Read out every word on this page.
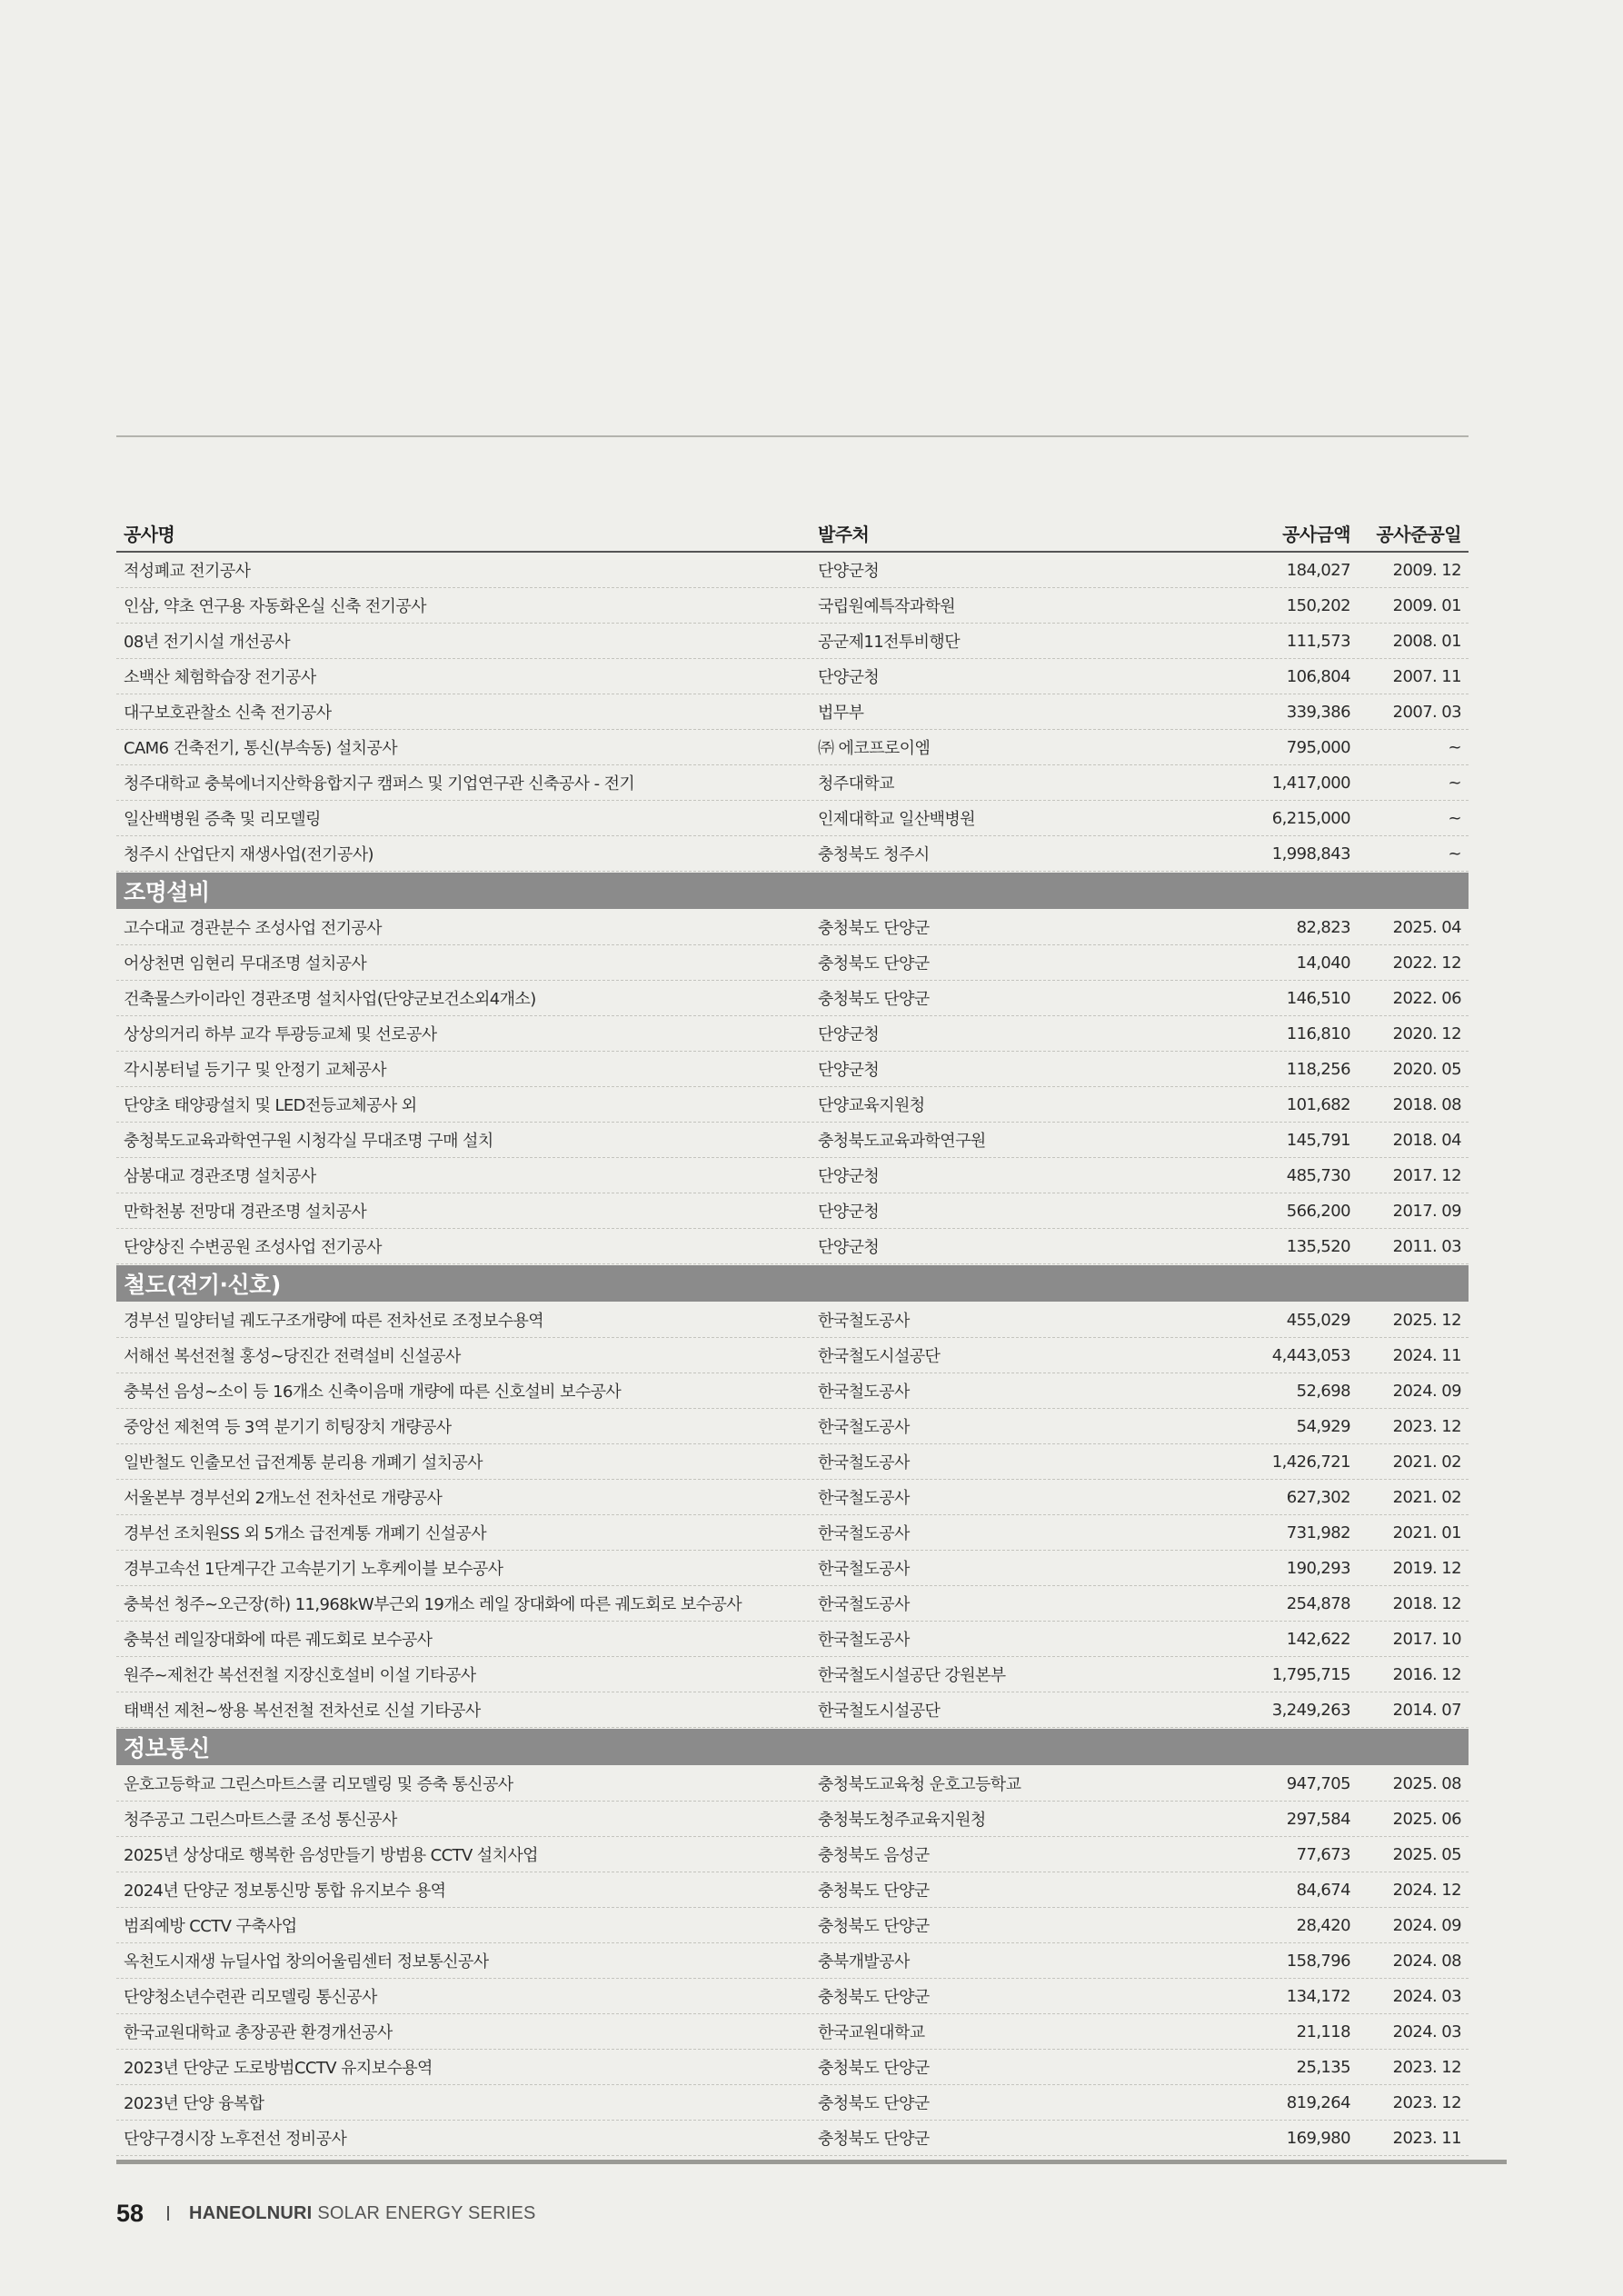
공사명	발주처	공사금액	공사준공일
적성폐교 전기공사	단양군청	184,027	2009. 12
인삼, 약초 연구용 자동화온실 신축 전기공사	국립원예특작과학원	150,202	2009. 01
08년 전기시설 개선공사	공군제11전투비행단	111,573	2008. 01
소백산 체험학습장 전기공사	단양군청	106,804	2007. 11
대구보호관찰소 신축 전기공사	법무부	339,386	2007. 03
CAM6 건축전기, 통신(부속동) 설치공사	㈜ 에코프로이엠	795,000	~
청주대학교 충북에너지산학융합지구 캠퍼스 및 기업연구관 신축공사 - 전기	청주대학교	1,417,000	~
일산백병원 증축 및 리모델링	인제대학교 일산백병원	6,215,000	~
청주시 산업단지 재생사업(전기공사)	충청북도 청주시	1,998,843	~
조명설비
고수대교 경관분수 조성사업 전기공사	충청북도 단양군	82,823	2025. 04
어상천면 임현리 무대조명 설치공사	충청북도 단양군	14,040	2022. 12
건축물스카이라인 경관조명 설치사업(단양군보건소외4개소)	충청북도 단양군	146,510	2022. 06
상상의거리 하부 교각 투광등교체 및 선로공사	단양군청	116,810	2020. 12
각시봉터널 등기구 및 안정기 교체공사	단양군청	118,256	2020. 05
단양초 태양광설치 및 LED전등교체공사 외	단양교육지원청	101,682	2018. 08
충청북도교육과학연구원 시청각실 무대조명 구매 설치	충청북도교육과학연구원	145,791	2018. 04
삼봉대교 경관조명 설치공사	단양군청	485,730	2017. 12
만학천봉 전망대 경관조명 설치공사	단양군청	566,200	2017. 09
단양상진 수변공원 조성사업 전기공사	단양군청	135,520	2011. 03
철도(전기·신호)
경부선 밀양터널 궤도구조개량에 따른 전차선로 조정보수용역	한국철도공사	455,029	2025. 12
서해선 복선전철 홍성~당진간 전력설비 신설공사	한국철도시설공단	4,443,053	2024. 11
충북선 음성~소이 등 16개소 신축이음매 개량에 따른 신호설비 보수공사	한국철도공사	52,698	2024. 09
중앙선 제천역 등 3역 분기기 히팅장치 개량공사	한국철도공사	54,929	2023. 12
일반철도 인출모선 급전계통 분리용 개폐기 설치공사	한국철도공사	1,426,721	2021. 02
서울본부 경부선외 2개노선 전차선로 개량공사	한국철도공사	627,302	2021. 02
경부선 조치원SS 외 5개소 급전계통 개폐기 신설공사	한국철도공사	731,982	2021. 01
경부고속선 1단계구간 고속분기기 노후케이블 보수공사	한국철도공사	190,293	2019. 12
충북선 청주~오근장(하) 11,968kW부근외 19개소 레일 장대화에 따른 궤도회로 보수공사	한국철도공사	254,878	2018. 12
충북선 레일장대화에 따른 궤도회로 보수공사	한국철도공사	142,622	2017. 10
원주~제천간 복선전철 지장신호설비 이설 기타공사	한국철도시설공단 강원본부	1,795,715	2016. 12
태백선 제천~쌍용 복선전철 전차선로 신설 기타공사	한국철도시설공단	3,249,263	2014. 07
정보통신
운호고등학교 그린스마트스쿨 리모델링 및 증축 통신공사	충청북도교육청 운호고등학교	947,705	2025. 08
청주공고 그린스마트스쿨 조성 통신공사	충청북도청주교육지원청	297,584	2025. 06
2025년 상상대로 행복한 음성만들기 방범용 CCTV 설치사업	충청북도 음성군	77,673	2025. 05
2024년 단양군 정보통신망 통합 유지보수 용역	충청북도 단양군	84,674	2024. 12
범죄예방 CCTV 구축사업	충청북도 단양군	28,420	2024. 09
옥천도시재생 뉴딜사업 창의어울림센터 정보통신공사	충북개발공사	158,796	2024. 08
단양청소년수련관 리모델링 통신공사	충청북도 단양군	134,172	2024. 03
한국교원대학교 총장공관 환경개선공사	한국교원대학교	21,118	2024. 03
2023년 단양군 도로방범CCTV 유지보수용역	충청북도 단양군	25,135	2023. 12
2023년 단양 융복합	충청북도 단양군	819,264	2023. 12
단양구경시장 노후전선 정비공사	충청북도 단양군	169,980	2023. 11
58	HANEOLNURI SOLAR ENERGY SERIES
